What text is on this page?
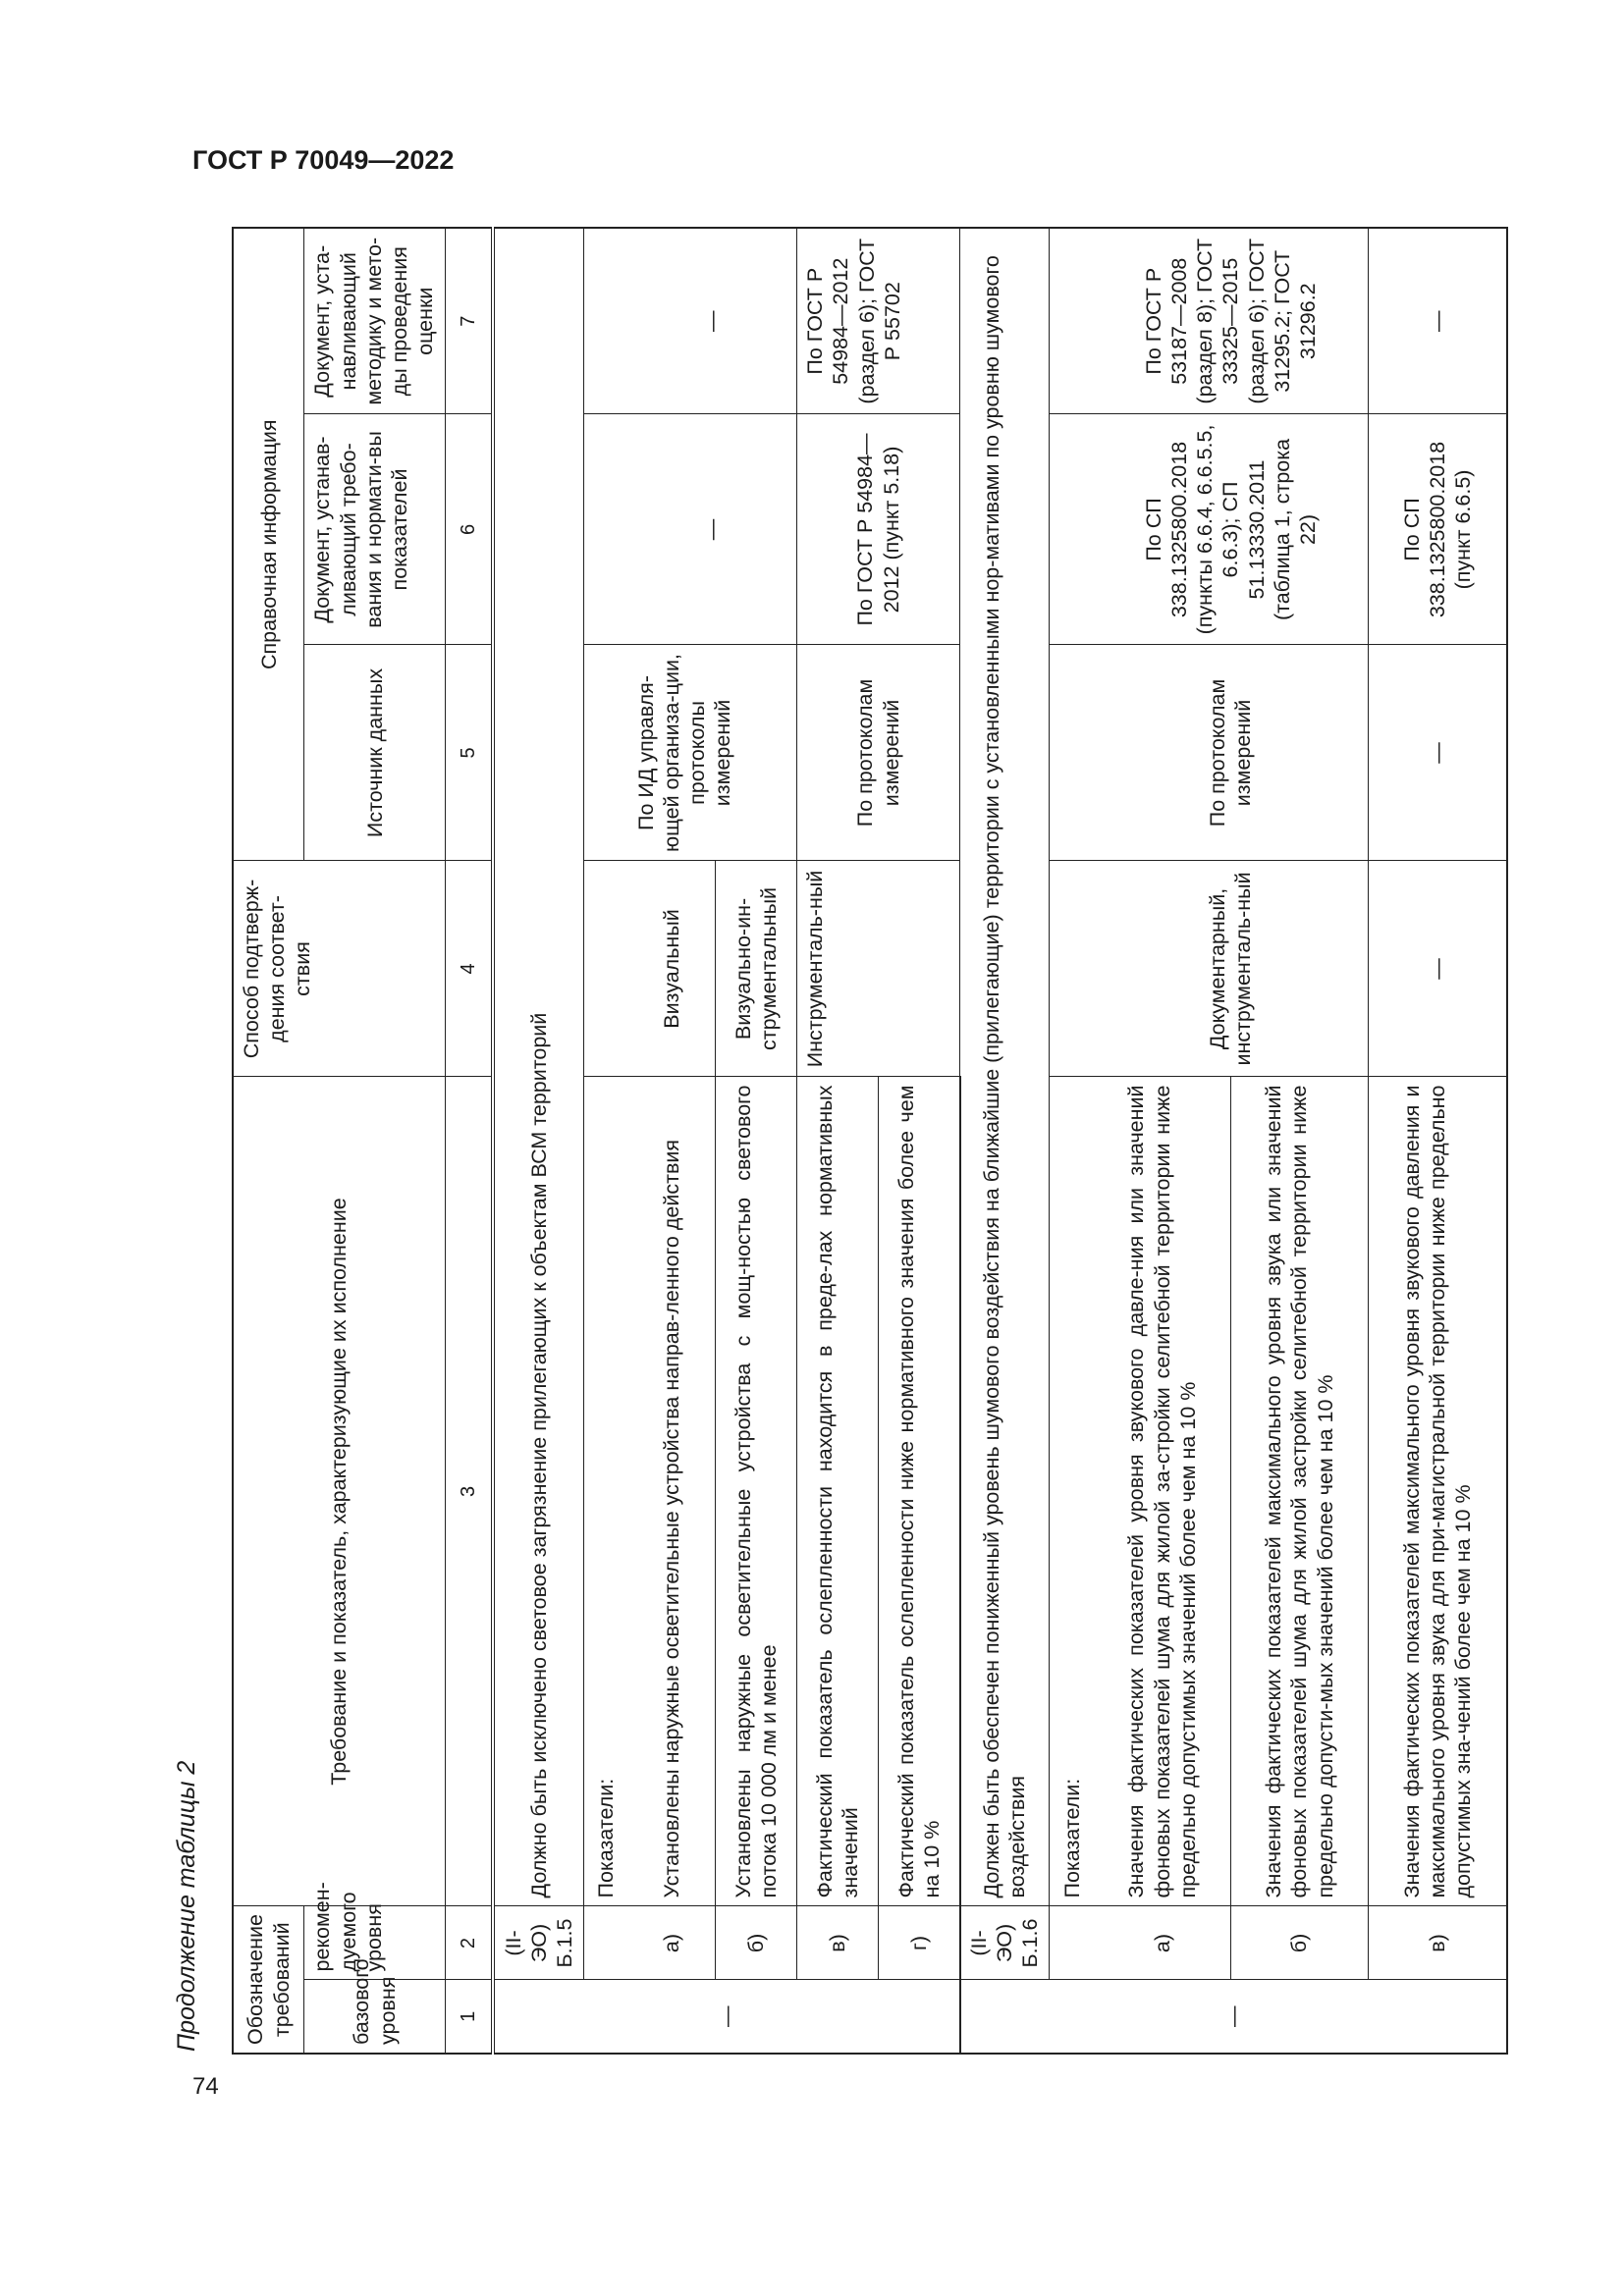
ГОСТ Р 70049—2022
74
Продолжение таблицы 2 Обозначение требований		Требование и показатель, характеризующие их исполнение	Способ подтверж-дения соответ-ствия	Справочная информация		
базового уровня	рекомен-дуемого уровня			Источник данных	Документ, устанав-ливающий требо-вания и нормати-вы показателей	Документ, уста-навливающий методику и мето-ды проведения оценки
1	2	3	4	5	6	7
—	(II-ЭО) Б.1.5	Должно быть исключено световое загрязнение прилегающих к объектам ВСМ территорий				
		Показатели:				
	а)	Установлены наружные осветительные устройства направ-ленного действия	Визуальный	По ИД управля-ющей организа-ции, протоколы измерений	—	—
	б)	Установлены наружные осветительные устройства с мощ-ностью светового потока 10 000 лм и менее	Визуально-ин-струментальный			
	в)	Фактический показатель ослепленности находится в преде-лах нормативных значений	Инструменталь-ный	По протоколам измерений	По ГОСТ Р 54984—2012 (пункт 5.18)	По ГОСТ Р 54984—2012 (раздел 6); ГОСТ Р 55702
	г)	Фактический показатель ослепленности ниже нормативного значения более чем на 10 %				
—	(II-ЭО) Б.1.6	Должен быть обеспечен пониженный уровень шумового воздействия на ближайшие (прилегающие) территории с установленными нор-мативами по уровню шумового воздействия				
		Показатели:				
	а)	Значения фактических показателей уровня звукового давле-ния или значений фоновых показателей шума для жилой за-стройки селитебной территории ниже предельно допустимых значений более чем на 10 %	Документарный, инструменталь-ный	По протоколам измерений	По СП 338.1325800.2018 (пункты 6.6.4, 6.6.5.5, 6.6.3); СП 51.13330.2011 (таблица 1, строка 22)	По ГОСТ Р 53187—2008 (раздел 8); ГОСТ 33325—2015 (раздел 6); ГОСТ 31295.2; ГОСТ 31296.2
	б)	Значения фактических показателей максимального уровня звука или значений фоновых показателей шума для жилой застройки селитебной территории ниже предельно допусти-мых значений более чем на 10 %				
	в)	Значения фактических показателей максимального уровня звукового давления и максимального уровня звука для при-магистральной территории ниже предельно допустимых зна-чений более чем на 10 %	—	—	По СП 338.1325800.2018 (пункт 6.6.5)	—
